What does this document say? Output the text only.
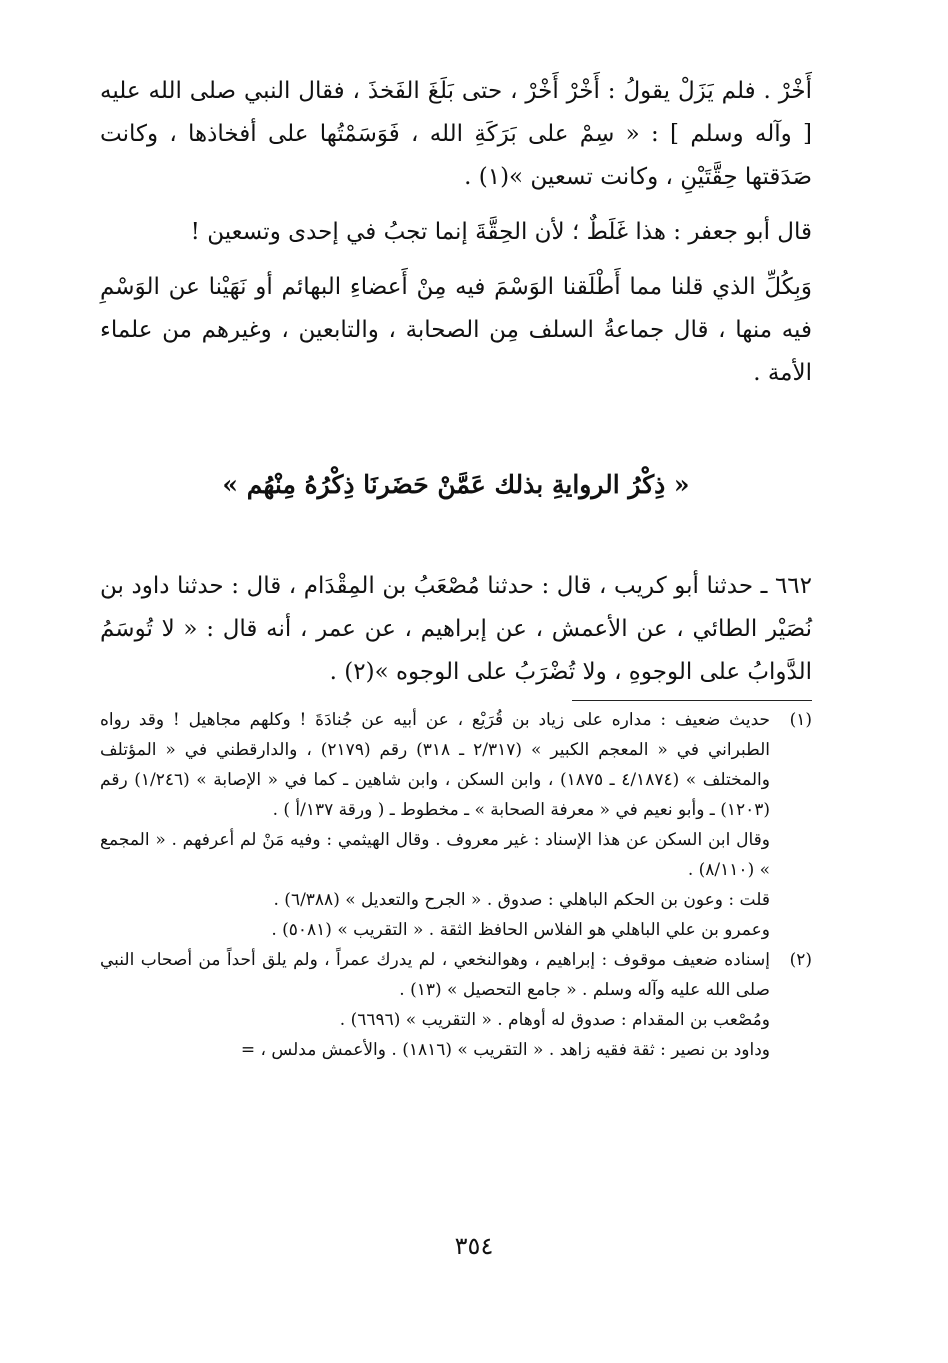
أَخْرْ . فلم يَزَلْ يقولُ : أَخْرْ أَخْرْ ، حتى بَلَغَ الفَخذَ ، فقال النبي صلى الله عليه [ وآله وسلم ] : « سِمْ على بَرَكَةِ الله ، فَوَسَمْتُها على أفخاذها ، وكانت صَدَقتها حِقَّتَيْنِ ، وكانت تسعين »(١) .

قال أبو جعفر : هذا غَلَطٌ ؛ لأن الحِقَّةَ إنما تجبُ في إحدى وتسعين !

وَبِكُلِّ الذي قلنا مما أَطْلَقنا الوَسْمَ فيه مِنْ أَعضاءِ البهائم أو نَهَيْنا عن الوَسْمِ فيه منها ، قال جماعةُ السلف مِن الصحابة ، والتابعين ، وغيرهم من علماء الأمة .

« ذِكْرُ الروايةِ بذلك عَمَّنْ حَضَرنَا ذِكْرُهُ مِنْهُم »

٦٦٢ ـ حدثنا أبو كريب ، قال : حدثنا مُصْعَبُ بن المِقْدَام ، قال : حدثنا داود بن نُصَيْر الطائي ، عن الأعمش ، عن إبراهيم ، عن عمر ، أنه قال : « لا تُوسَمُ الدَّوابُ على الوجوهِ ، ولا تُضْرَبُ على الوجوه »(٢) .

(١)

حديث ضعيف : مداره على زياد بن قُرَيْع ، عن أبيه عن جُنادَةَ ! وكلهم مجاهيل ! وقد رواه الطبراني في « المعجم الكبير » (٢/٣١٧ ـ ٣١٨) رقم (٢١٧٩) ، والدارقطني في « المؤتلف والمختلف » (٤/١٨٧٤ ـ ١٨٧٥) ، وابن السكن ، وابن شاهين ـ كما في « الإصابة » (١/٢٤٦) رقم (١٢٠٣) ـ وأبو نعيم في « معرفة الصحابة » ـ مخطوط ـ ( ورقة ١٣٧/أ ) .

وقال ابن السكن عن هذا الإسناد : غير معروف . وقال الهيثمي : وفيه مَنْ لم أعرفهم . « المجمع » (٨/١١٠) .

قلت : وعون بن الحكم الباهلي : صدوق . « الجرح والتعديل » (٦/٣٨٨) .

وعمرو بن علي الباهلي هو الفلاس الحافظ الثقة . « التقريب » (٥٠٨١) .

(٢)

إسناده ضعيف موقوف : إبراهيم ، وهوالنخعي ، لم يدرك عمراً ، ولم يلق أحداً من أصحاب النبي صلى الله عليه وآله وسلم . « جامع التحصيل » (١٣) .

ومُصْعب بن المقدام : صدوق له أوهام . « التقريب » (٦٦٩٦) .

وداود بن نصير : ثقة فقيه زاهد . « التقريب » (١٨١٦) . والأعمش مدلس ، =

٣٥٤
